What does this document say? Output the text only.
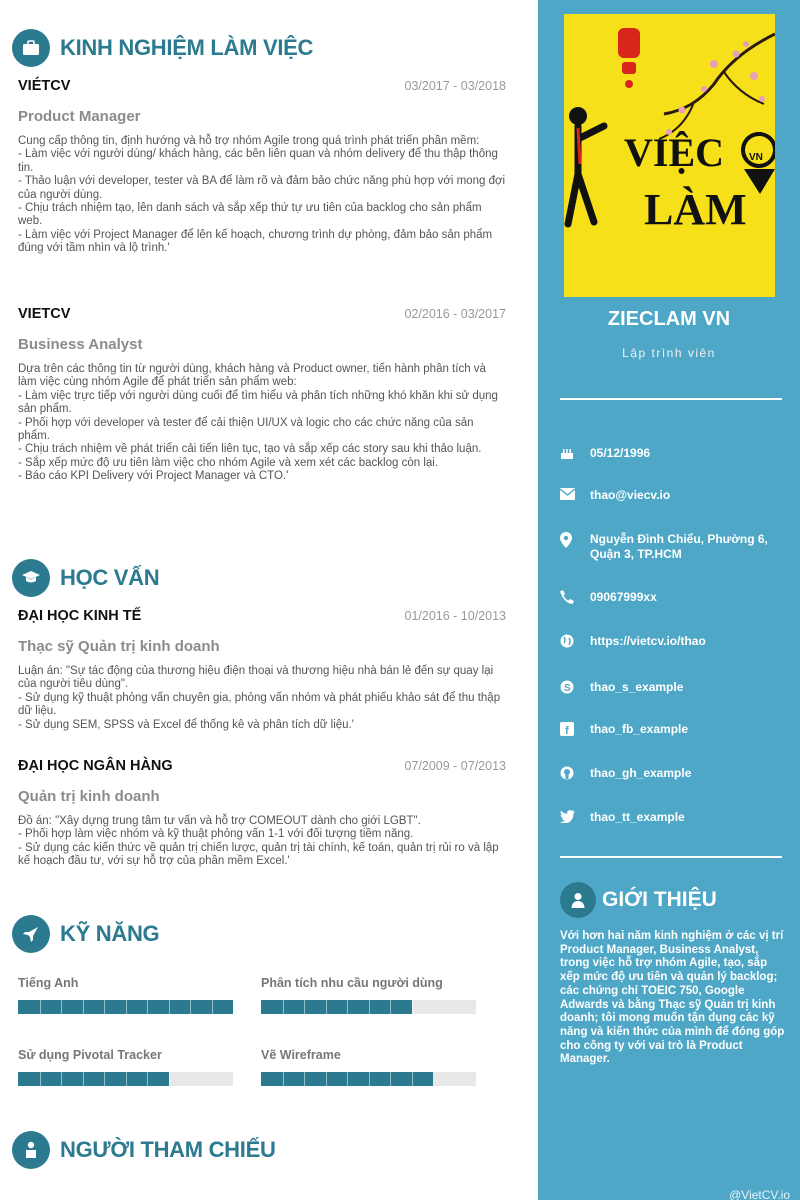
KINH NGHIỆM LÀM VIỆC
VIÉTCV	03/2017 - 03/2018
Product Manager
Cung cấp thông tin, định hướng và hỗ trợ nhóm Agile trong quá trình phát triển phần mềm:
- Làm việc với người dùng/ khách hàng, các bên liên quan và nhóm delivery để thu thập thông tin.
- Thảo luận với developer, tester và BA để làm rõ và đảm bảo chức năng phù hợp với mong đợi của người dùng.
- Chịu trách nhiệm tạo, lên danh sách và sắp xếp thứ tự ưu tiên của backlog cho sản phẩm web.
- Làm việc với Project Manager để lên kế hoạch, chương trình dự phòng, đảm bảo sản phẩm đúng với tầm nhìn và lộ trình.'
VIETCV	02/2016 - 03/2017
Business Analyst
Dựa trên các thông tin từ người dùng, khách hàng và Product owner, tiến hành phân tích và làm việc cùng nhóm Agile để phát triển sản phẩm web:
- Làm việc trực tiếp với người dùng cuối để tìm hiểu và phân tích những khó khăn khi sử dụng sản phẩm.
- Phối hợp với developer và tester để cải thiện UI/UX và logic cho các chức năng của sản phẩm.
- Chịu trách nhiệm về phát triển cải tiến liên tục, tạo và sắp xếp các story sau khi thảo luận.
- Sắp xếp mức độ ưu tiên làm việc cho nhóm Agile và xem xét các backlog còn lại.
- Báo cáo KPI Delivery với Project Manager và CTO.'
HỌC VẤN
ĐẠI HỌC KINH TẾ	01/2016 - 10/2013
Thạc sỹ Quản trị kinh doanh
Luận án: "Sự tác động của thương hiệu điện thoại và thương hiệu nhà bán lẻ đến sự quay lại của người tiêu dùng".
- Sử dụng kỹ thuật phỏng vấn chuyên gia, phỏng vấn nhóm và phát phiếu khảo sát để thu thập dữ liệu.
- Sử dụng SEM, SPSS và Excel để thống kê và phân tích dữ liệu.'
ĐẠI HỌC NGÂN HÀNG	07/2009 - 07/2013
Quản trị kinh doanh
Đồ án: "Xây dựng trung tâm tư vấn và hỗ trợ COMEOUT dành cho giới LGBT".
- Phối hợp làm việc nhóm và kỹ thuật phỏng vấn 1-1 với đối tượng tiềm năng.
- Sử dụng các kiến thức về quản trị chiến lược, quản trị tài chính, kế toán, quản trị rủi ro và lập kế hoạch đầu tư, với sự hỗ trợ của phần mềm Excel.'
KỸ NĂNG
Tiếng Anh	Phân tích nhu cầu người dùng
Sử dụng Pivotal Tracker	Vẽ Wireframe
NGƯỜI THAM CHIẾU
VIỆC
LÀM
VN
ZIECLAM VN
Lập trình viên
05/12/1996
thao@viecv.io
Nguyễn Đình Chiểu, Phường 6, Quận 3, TP.HCM
09067999xx
https://vietcv.io/thao
S thao_s_example
f thao_fb_example
thao_gh_example
thao_tt_example
GIỚI THIỆU
Với hơn hai năm kinh nghiệm ở các vị trí Product Manager, Business Analyst, trong việc hỗ trợ nhóm Agile, tạo, sắp xếp mức độ ưu tiên và quản lý backlog; các chứng chỉ TOEIC 750, Google Adwards và bằng Thạc sỹ Quản trị kinh doanh; tôi mong muốn tận dụng các kỹ năng và kiến thức của mình để đóng góp cho công ty với vai trò là Product Manager.
@VietCV.io
